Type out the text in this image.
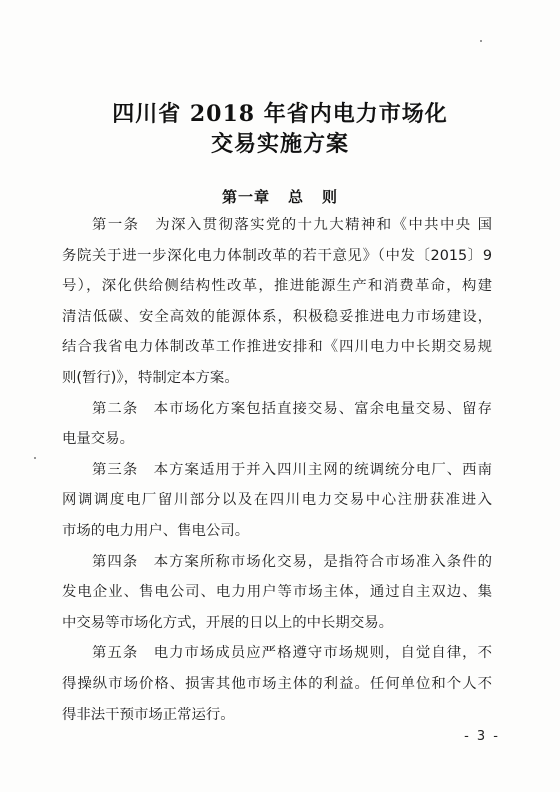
四川省 2018 年省内电力市场化
交易实施方案
第一章 总 则
第一条　为深入贯彻落实党的十九大精神和《中共中央 国
务院关于进一步深化电力体制改革的若干意见》（中发〔2015〕9
号），深化供给侧结构性改革，推进能源生产和消费革命，构建
清洁低碳、安全高效的能源体系，积极稳妥推进电力市场建设，
结合我省电力体制改革工作推进安排和《四川电力中长期交易规
则(暂行)》，特制定本方案。
第二条　本市场化方案包括直接交易、富余电量交易、留存
电量交易。
第三条　本方案适用于并入四川主网的统调统分电厂、西南
网调调度电厂留川部分以及在四川电力交易中心注册获准进入
市场的电力用户、售电公司。
第四条　本方案所称市场化交易，是指符合市场准入条件的
发电企业、售电公司、电力用户等市场主体，通过自主双边、集
中交易等市场化方式，开展的日以上的中长期交易。
第五条　电力市场成员应严格遵守市场规则，自觉自律，不
得操纵市场价格、损害其他市场主体的利益。任何单位和个人不
得非法干预市场正常运行。
- 3 -
